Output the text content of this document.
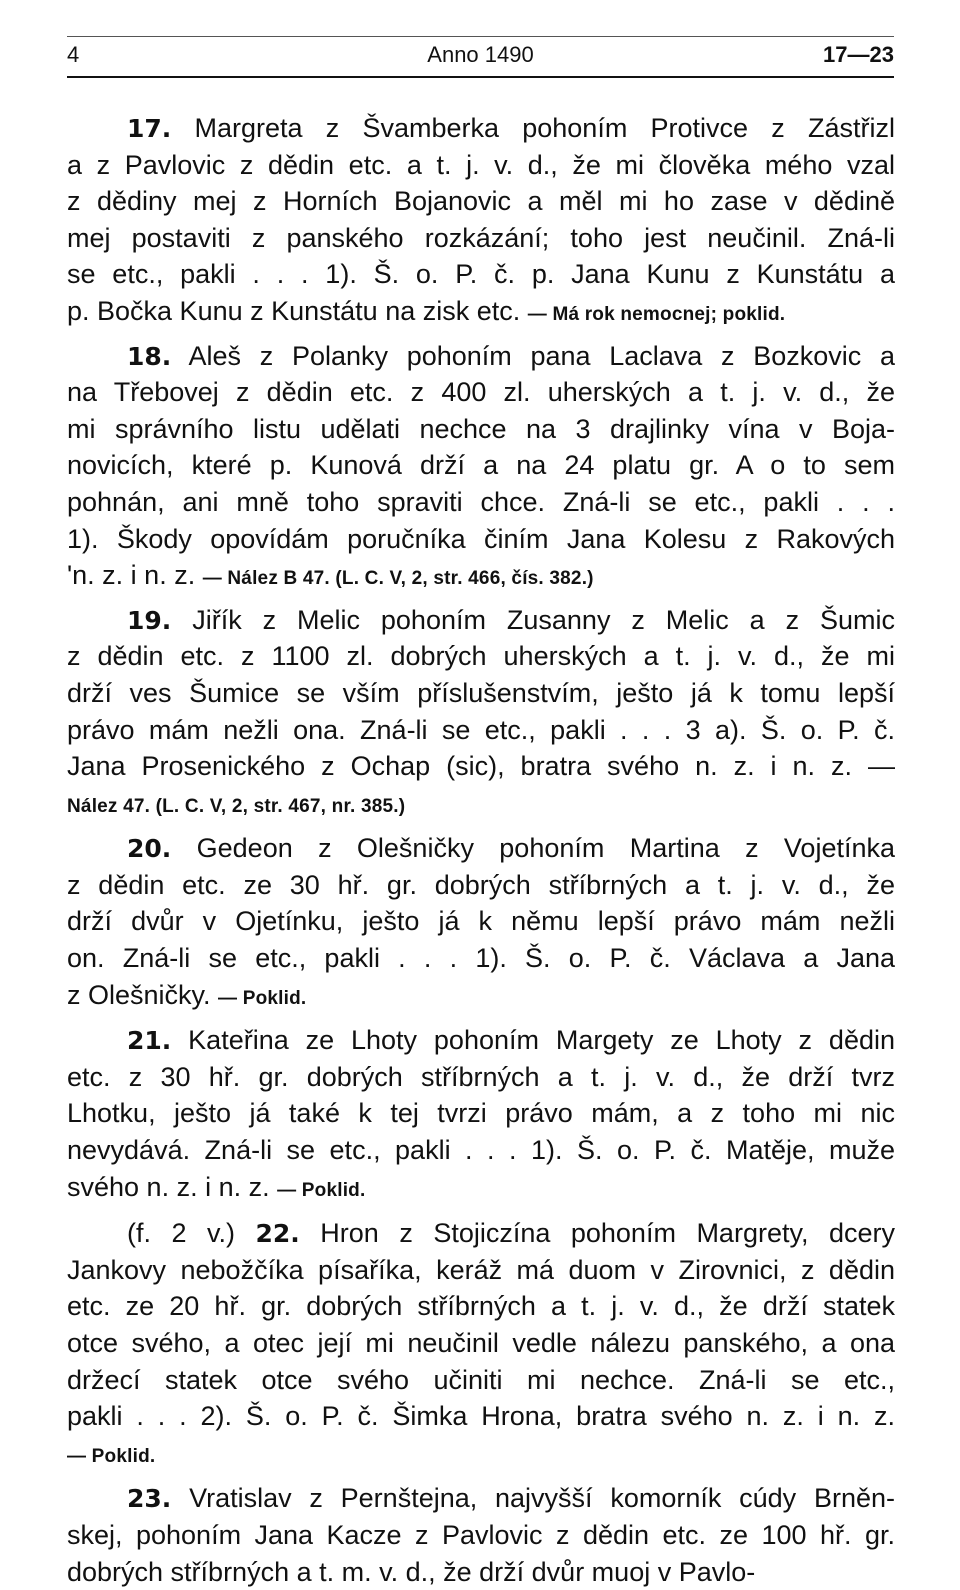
4	Anno 1490	17—23
17. Margreta z Švamberka pohoním Protivce z Zástřizl
a z Pavlovic z dědin etc. a t. j. v. d., že mi člověka mého vzal
z dědiny mej z Horních Bojanovic a měl mi ho zase v dědině
mej postaviti z panského rozkázání; toho jest neučinil. Zná-li
se etc., pakli . . . 1). Š. o. P. č. p. Jana Kunu z Kunstátu a
p. Bočka Kunu z Kunstátu na zisk etc. — Má rok nemocnej; poklid.
18. Aleš z Polanky pohoním pana Laclava z Bozkovic a
na Třebovej z dědin etc. z 400 zl. uherských a t. j. v. d., že
mi správního listu udělati nechce na 3 drajlinky vína v Boja-
novicích, které p. Kunová drží a na 24 platu gr. A o to sem
pohnán, ani mně toho spraviti chce. Zná-li se etc., pakli . . .
1). Škody opovídám poručníka činím Jana Kolesu z Rakových
'n. z. i n. z. — Nález B 47. (L. C. V, 2, str. 466, čís. 382.)
19. Jiřík z Melic pohoním Zusanny z Melic a z Šumic
z dědin etc. z 1100 zl. dobrých uherských a t. j. v. d., že mi
drží ves Šumice se vším příslušenstvím, ješto já k tomu lepší
právo mám nežli ona. Zná-li se etc., pakli . . . 3 a). Š. o. P. č.
Jana Prosenického z Ochap (sic), bratra svého n. z. i n. z. —
Nález 47. (L. C. V, 2, str. 467, nr. 385.)
20. Gedeon z Olešničky pohoním Martina z Vojetínka
z dědin etc. ze 30 hř. gr. dobrých stříbrných a t. j. v. d., že
drží dvůr v Ojetínku, ješto já k němu lepší právo mám nežli
on. Zná-li se etc., pakli . . . 1). Š. o. P. č. Václava a Jana
z Olešničky. — Poklid.
21. Kateřina ze Lhoty pohoním Margety ze Lhoty z dědin
etc. z 30 hř. gr. dobrých stříbrných a t. j. v. d., že drží tvrz
Lhotku, ješto já také k tej tvrzi právo mám, a z toho mi nic
nevydává. Zná-li se etc., pakli . . . 1). Š. o. P. č. Matěje, muže
svého n. z. i n. z. — Poklid.
(f. 2 v.) 22. Hron z Stojiczína pohoním Margrety, dcery
Jankovy nebožčíka písaříka, keráž má duom v Zirovnici, z dědin
etc. ze 20 hř. gr. dobrých stříbrných a t. j. v. d., že drží statek
otce svého, a otec její mi neučinil vedle nálezu panského, a ona
držecí statek otce svého učiniti mi nechce. Zná-li se etc.,
pakli . . . 2). Š. o. P. č. Šimka Hrona, bratra svého n. z. i n. z.
— Poklid.
23. Vratislav z Pernštejna, najvyšší komorník cúdy Brněn-
skej, pohoním Jana Kacze z Pavlovic z dědin etc. ze 100 hř. gr.
dobrých stříbrných a t. m. v. d., že drží dvůr muoj v Pavlo-
